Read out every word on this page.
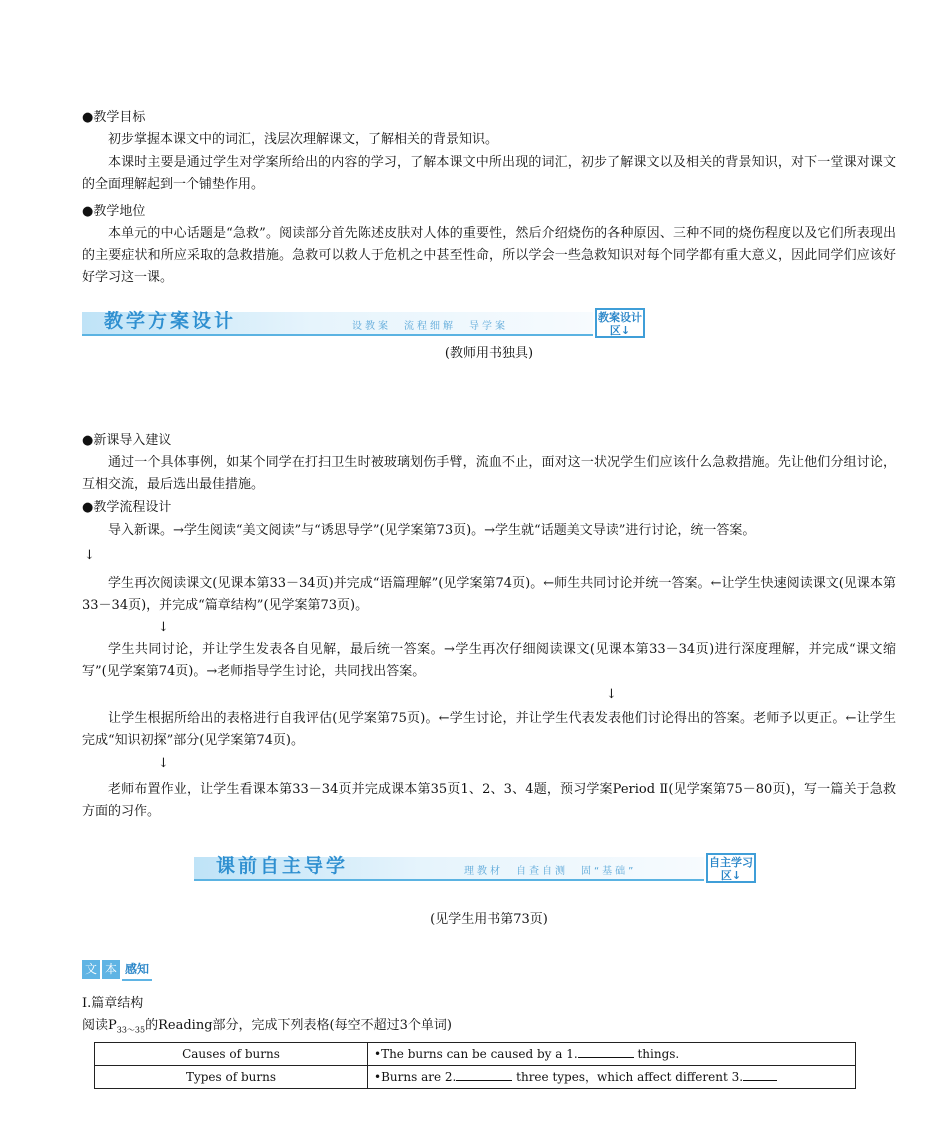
●教学目标
初步掌握本课文中的词汇，浅层次理解课文，了解相关的背景知识。
本课时主要是通过学生对学案所给出的内容的学习，了解本课文中所出现的词汇，初步了解课文以及相关的背景知识，对下一堂课对课文的全面理解起到一个铺垫作用。
●教学地位
本单元的中心话题是“急救”。阅读部分首先陈述皮肤对人体的重要性，然后介绍烧伤的各种原因、三种不同的烧伤程度以及它们所表现出的主要症状和所应采取的急救措施。急救可以救人于危机之中甚至性命，所以学会一些急救知识对每个同学都有重大意义，因此同学们应该好好学习这一课。
教学方案设计	设教案　流程细解　导学案
教案设计区↓
(教师用书独具)
●新课导入建议
通过一个具体事例，如某个同学在打扫卫生时被玻璃划伤手臂，流血不止，面对这一状况学生们应该什么急救措施。先让他们分组讨论，互相交流，最后选出最佳措施。
●教学流程设计
导入新课。→学生阅读“美文阅读”与“诱思导学”(见学案第73页)。→学生就“话题美文导读”进行讨论，统一答案。
↓
学生再次阅读课文(见课本第33－34页)并完成“语篇理解”(见学案第74页)。←师生共同讨论并统一答案。←让学生快速阅读课文(见课本第33－34页)，并完成“篇章结构”(见学案第73页)。
↓
学生共同讨论，并让学生发表各自见解，最后统一答案。→学生再次仔细阅读课文(见课本第33－34页)进行深度理解，并完成“课文缩写”(见学案第74页)。→老师指导学生讨论，共同找出答案。
↓
让学生根据所给出的表格进行自我评估(见学案第75页)。←学生讨论，并让学生代表发表他们讨论得出的答案。老师予以更正。←让学生完成“知识初探”部分(见学案第74页)。
↓
老师布置作业，让学生看课本第33－34页并完成课本第35页1、2、3、4题，预习学案Period Ⅱ(见学案第75－80页)，写一篇关于急救方面的习作。
课前自主导学	理教材　自查自测　固“基础”
自主学习区↓
(见学生用书第73页)
文 本 感知
Ⅰ.篇章结构
阅读$P_{33\sim 35}$的Reading部分，完成下列表格(每空不超过3个单词)
Causes of burns	•The burns can be caused by a 1. things.
Types of burns	•Burns are 2. three types，which affect different 3.
